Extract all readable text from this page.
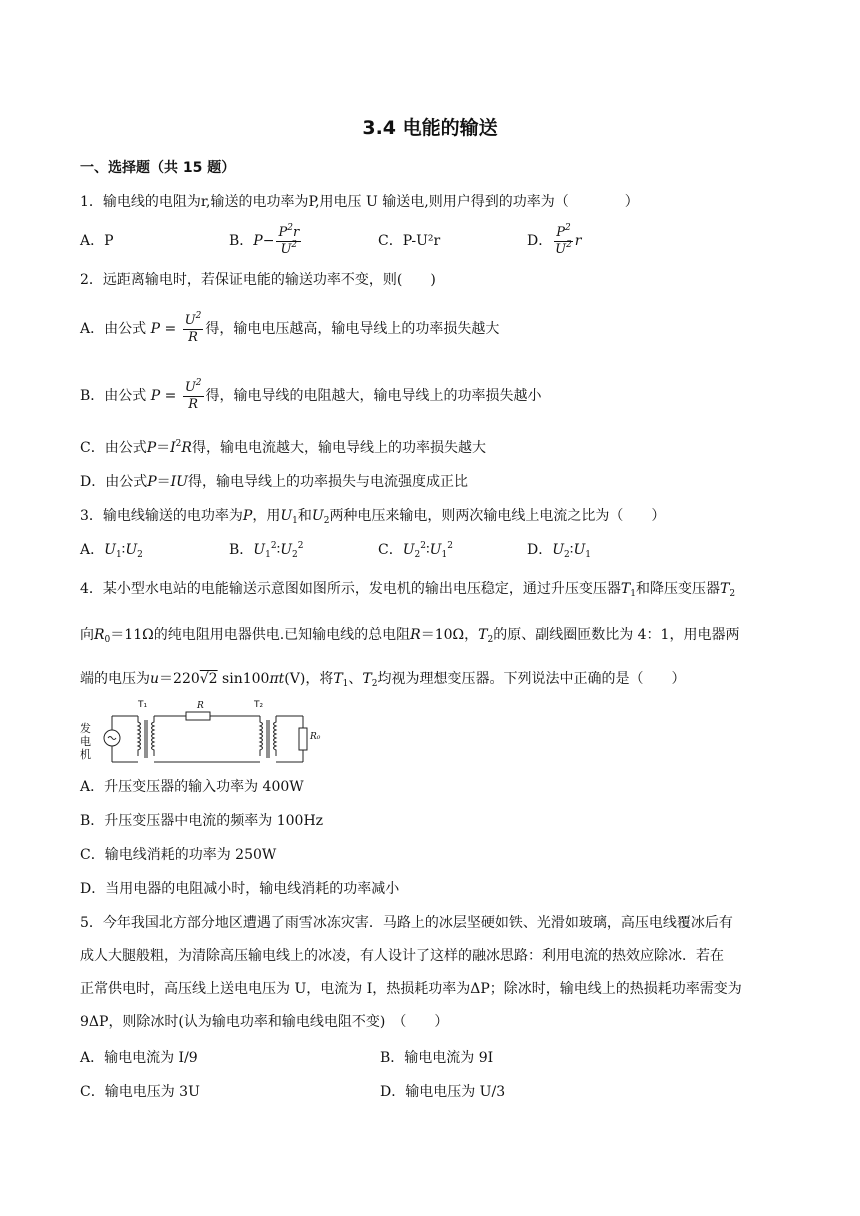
3.4 电能的输送
一、选择题（共 15 题）
1．输电线的电阻为r,输送的电功率为P,用电压 U 输送电,则用户得到的功率为（　　　　）
A．P	B．$P- \frac{P^2r}{U^2}$	C．P-U²r	D． $\frac{P^2}{U^2}$ r
2．远距离输电时，若保证电能的输送功率不变，则(　　)
A．由公式 $P = \frac{U^2}{R}$ 得，输电电压越高，输电导线上的功率损失越大
B．由公式 $P = \frac{U^2}{R}$ 得，输电导线的电阻越大，输电导线上的功率损失越小
C．由公式$P=I^2R$得，输电电流越大，输电导线上的功率损失越大
D．由公式P＝IU得，输电导线上的功率损失与电流强度成正比
3．输电线输送的电功率为P，用$U_1$和$U_2$两种电压来输电，则两次输电线上电流之比为（　　）
A．$U_1∶U_2$	B．$U_1^2∶U_2^2$	C．$U_2^2∶U_1^2$	D．$U_2∶U_1$
4．某小型水电站的电能输送示意图如图所示，发电机的输出电压稳定，通过升压变压器$T_1$和降压变压器$T_2$
向$R_0=11\Omega$的纯电阻用电器供电.已知输电线的总电阻R＝10Ω，$T_2$的原、副线圈匝数比为 4：1，用电器两
端的电压为u＝220√2 sin100πt(V)，将$T_1$、$T_2$均视为理想变压器。下列说法中正确的是（　　）
发电机
T₁	R	T₂
R₀
A．升压变压器的输入功率为 400W
B．升压变压器中电流的频率为 100Hz
C．输电线消耗的功率为 250W
D．当用电器的电阻减小时，输电线消耗的功率减小
5．今年我国北方部分地区遭遇了雨雪冰冻灾害．马路上的冰层坚硬如铁、光滑如玻璃，高压电线覆冰后有
成人大腿般粗，为清除高压输电线上的冰凌，有人设计了这样的融冰思路：利用电流的热效应除冰．若在
正常供电时，高压线上送电电压为 U，电流为 I，热损耗功率为ΔP；除冰时，输电线上的热损耗功率需变为
9ΔP，则除冰时(认为输电功率和输电线电阻不变)　（　　）
A．输电电流为 I/9	B．输电电流为 9I
C．输电电压为 3U	D．输电电压为 U/3
